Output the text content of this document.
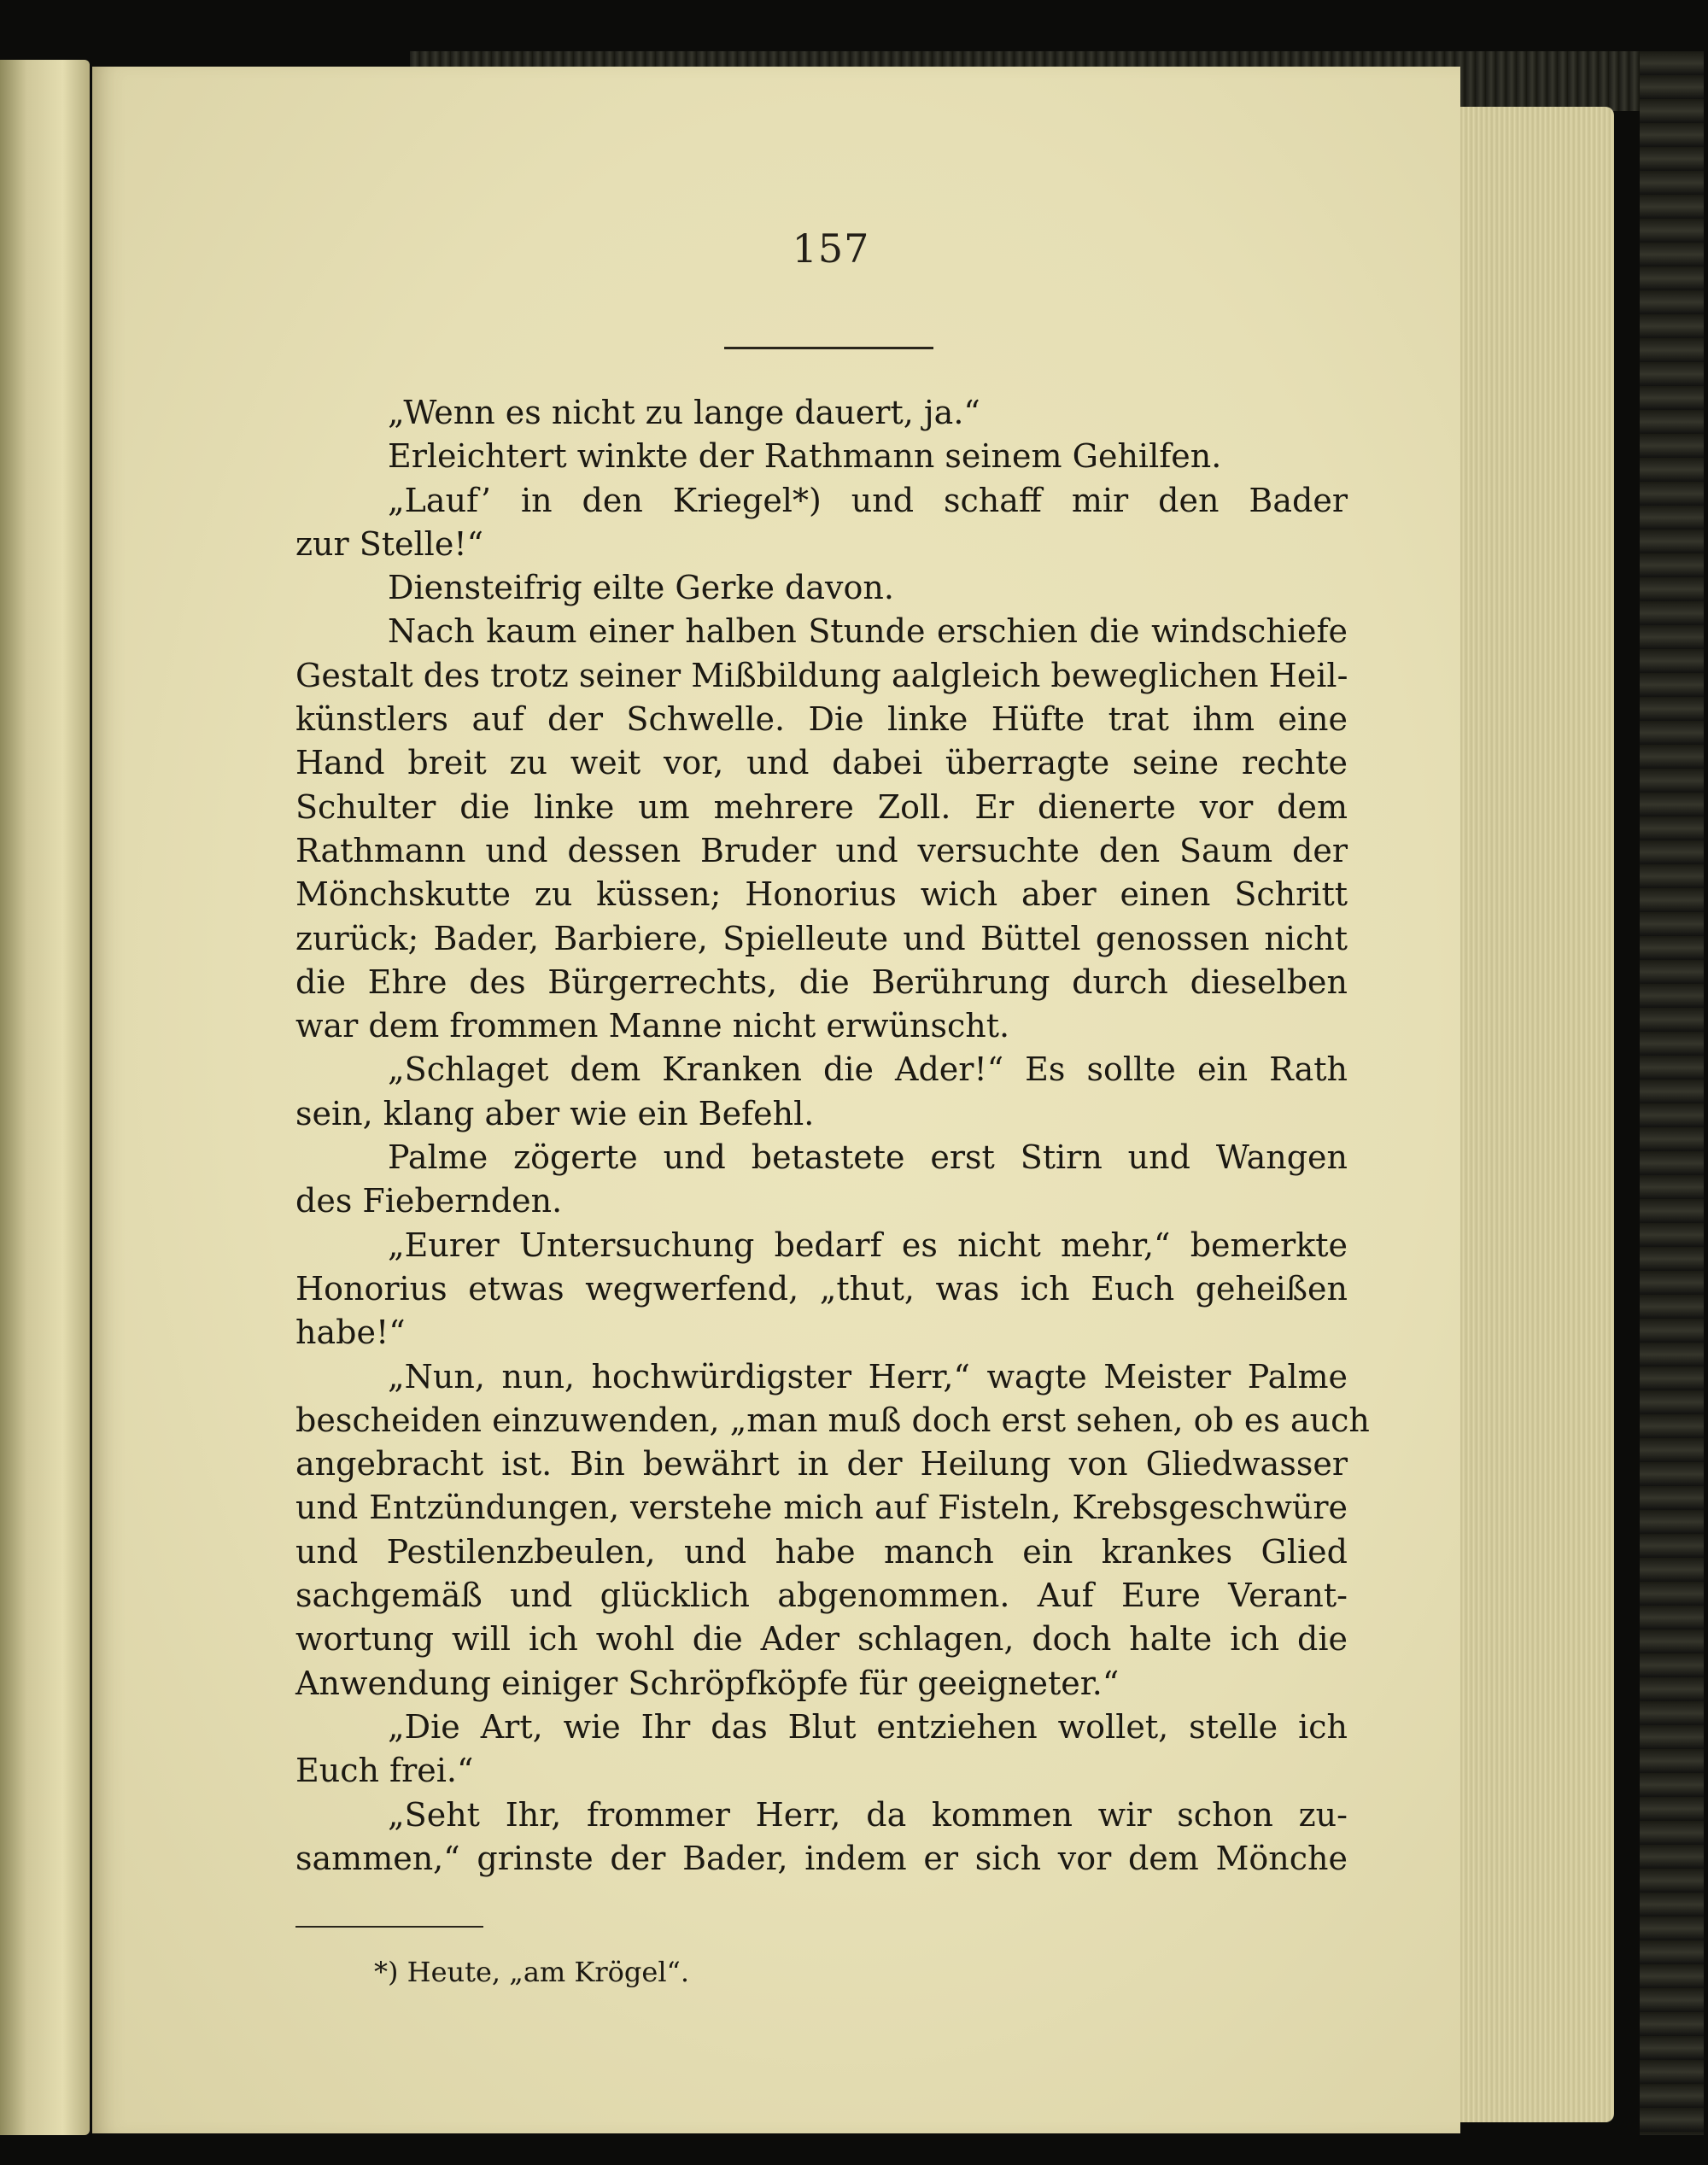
157
„Wenn es nicht zu lange dauert, ja.“
Erleichtert winkte der Rathmann seinem Gehilfen.
„Lauf’ in den Kriegel*) und schaff mir den Bader
zur Stelle!“
Diensteifrig eilte Gerke davon.
Nach kaum einer halben Stunde erschien die windschiefe
Gestalt des trotz seiner Mißbildung aalgleich beweglichen Heil-
künstlers auf der Schwelle. Die linke Hüfte trat ihm eine
Hand breit zu weit vor, und dabei überragte seine rechte
Schulter die linke um mehrere Zoll. Er dienerte vor dem
Rathmann und dessen Bruder und versuchte den Saum der
Mönchskutte zu küssen; Honorius wich aber einen Schritt
zurück; Bader, Barbiere, Spielleute und Büttel genossen nicht
die Ehre des Bürgerrechts, die Berührung durch dieselben
war dem frommen Manne nicht erwünscht.
„Schlaget dem Kranken die Ader!“ Es sollte ein Rath
sein, klang aber wie ein Befehl.
Palme zögerte und betastete erst Stirn und Wangen
des Fiebernden.
„Eurer Untersuchung bedarf es nicht mehr,“ bemerkte
Honorius etwas wegwerfend, „thut, was ich Euch geheißen
habe!“
„Nun, nun, hochwürdigster Herr,“ wagte Meister Palme
bescheiden einzuwenden, „man muß doch erst sehen, ob es auch
angebracht ist. Bin bewährt in der Heilung von Gliedwasser
und Entzündungen, verstehe mich auf Fisteln, Krebsgeschwüre
und Pestilenzbeulen, und habe manch ein krankes Glied
sachgemäß und glücklich abgenommen. Auf Eure Verant-
wortung will ich wohl die Ader schlagen, doch halte ich die
Anwendung einiger Schröpfköpfe für geeigneter.“
„Die Art, wie Ihr das Blut entziehen wollet, stelle ich
Euch frei.“
„Seht Ihr, frommer Herr, da kommen wir schon zu-
sammen,“ grinste der Bader, indem er sich vor dem Mönche
*) Heute, „am Krögel“.
